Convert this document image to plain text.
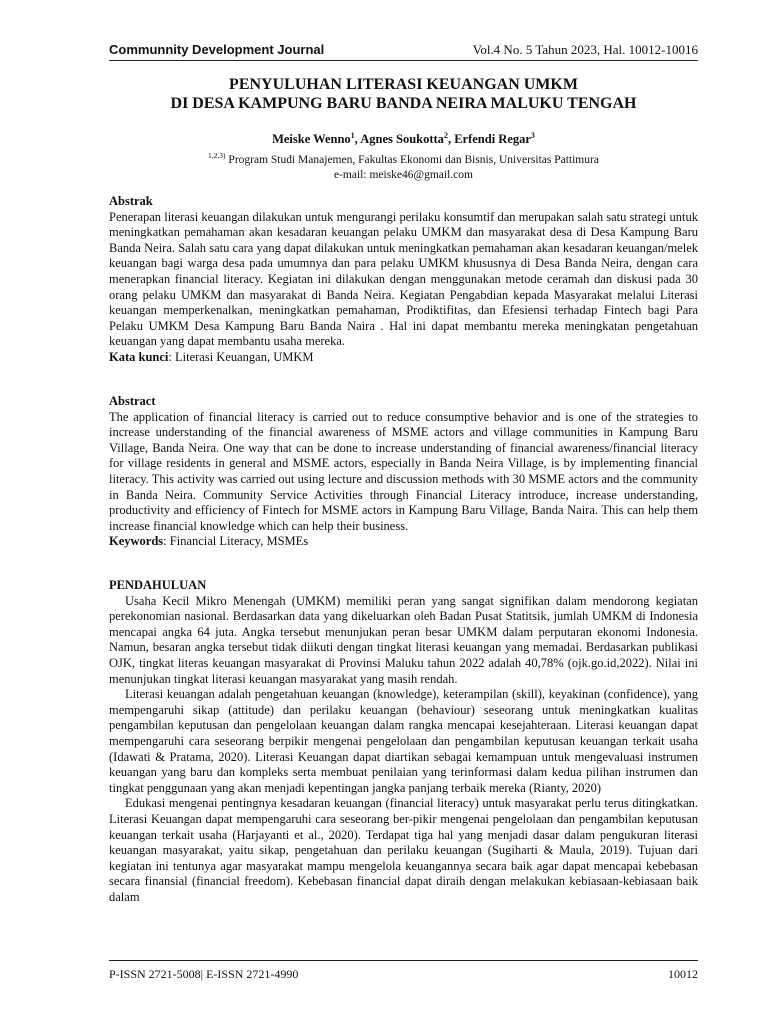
Communnity Development Journal	Vol.4 No. 5 Tahun 2023, Hal. 10012-10016
PENYULUHAN LITERASI KEUANGAN UMKM
DI DESA KAMPUNG BARU BANDA NEIRA MALUKU TENGAH
Meiske Wenno$^1$, Agnes Soukotta$^2$, Erfendi Regar$^3$
$^{1,2,3)}$ Program Studi Manajemen, Fakultas Ekonomi dan Bisnis, Universitas Pattimura
e-mail: meiske46@gmail.com
Abstrak

Penerapan literasi keuangan dilakukan untuk mengurangi perilaku konsumtif dan merupakan salah satu strategi untuk meningkatkan pemahaman akan kesadaran keuangan pelaku UMKM dan masyarakat desa di Desa Kampung Baru Banda Neira. Salah satu cara yang dapat dilakukan untuk meningkatkan pemahaman akan kesadaran keuangan/melek keuangan bagi warga desa pada umumnya dan para pelaku UMKM khususnya di Desa Banda Neira, dengan cara menerapkan financial literacy. Kegiatan ini dilakukan dengan menggunakan metode ceramah dan diskusi pada 30 orang pelaku UMKM dan masyarakat di Banda Neira. Kegiatan Pengabdian kepada Masyarakat melalui Literasi keuangan memperkenalkan, meningkatkan pemahaman, Prodiktifitas, dan Efesiensi terhadap Fintech bagi Para Pelaku UMKM Desa Kampung Baru Banda Naira . Hal ini dapat membantu mereka meningkatan pengetahuan keuangan yang dapat membantu usaha mereka.

Kata kunci: Literasi Keuangan, UMKM

Abstract

The application of financial literacy is carried out to reduce consumptive behavior and is one of the strategies to increase understanding of the financial awareness of MSME actors and village communities in Kampung Baru Village, Banda Neira. One way that can be done to increase understanding of financial awareness/financial literacy for village residents in general and MSME actors, especially in Banda Neira Village, is by implementing financial literacy. This activity was carried out using lecture and discussion methods with 30 MSME actors and the community in Banda Neira. Community Service Activities through Financial Literacy introduce, increase understanding, productivity and efficiency of Fintech for MSME actors in Kampung Baru Village, Banda Naira. This can help them increase financial knowledge which can help their business.

Keywords: Financial Literacy, MSMEs

PENDAHULUAN

Usaha Kecil Mikro Menengah (UMKM) memiliki peran yang sangat signifikan dalam mendorong kegiatan perekonomian nasional. Berdasarkan data yang dikeluarkan oleh Badan Pusat Statitsik, jumlah UMKM di Indonesia mencapai angka 64 juta. Angka tersebut menunjukan peran besar UMKM dalam perputaran ekonomi Indonesia. Namun, besaran angka tersebut tidak diikuti dengan tingkat literasi keuangan yang memadai. Berdasarkan publikasi OJK, tingkat literas keuangan masyarakat di Provinsi Maluku tahun 2022 adalah 40,78% (ojk.go.id,2022). Nilai ini menunjukan tingkat literasi keuangan masyarakat yang masih rendah.

Literasi keuangan adalah pengetahuan keuangan (knowledge), keterampilan (skill), keyakinan (confidence), yang mempengaruhi sikap (attitude) dan perilaku keuangan (behaviour) seseorang untuk meningkatkan kualitas pengambilan keputusan dan pengelolaan keuangan dalam rangka mencapai kesejahteraan. Literasi keuangan dapat mempengaruhi cara seseorang berpikir mengenai pengelolaan dan pengambilan keputusan keuangan terkait usaha (Idawati & Pratama, 2020). Literasi Keuangan dapat diartikan sebagai kemampuan untuk mengevaluasi instrumen keuangan yang baru dan kompleks serta membuat penilaian yang terinformasi dalam kedua pilihan instrumen dan tingkat penggunaan yang akan menjadi kepentingan jangka panjang terbaik mereka (Rianty, 2020)

Edukasi mengenai pentingnya kesadaran keuangan (financial literacy) untuk masyarakat perlu terus ditingkatkan. Literasi Keuangan dapat mempengaruhi cara seseorang ber-pikir mengenai pengelolaan dan pengambilan keputusan keuangan terkait usaha (Harjayanti et al., 2020). Terdapat tiga hal yang menjadi dasar dalam pengukuran literasi keuangan masyarakat, yaitu sikap, pengetahuan dan perilaku keuangan (Sugiharti & Maula, 2019). Tujuan dari kegiatan ini tentunya agar masyarakat mampu mengelola keuangannya secara baik agar dapat mencapai kebebasan secara finansial (financial freedom). Kebebasan financial dapat diraih dengan melakukan kebiasaan-kebiasaan baik dalam

P-ISSN 2721-5008| E-ISSN 2721-4990	10012
